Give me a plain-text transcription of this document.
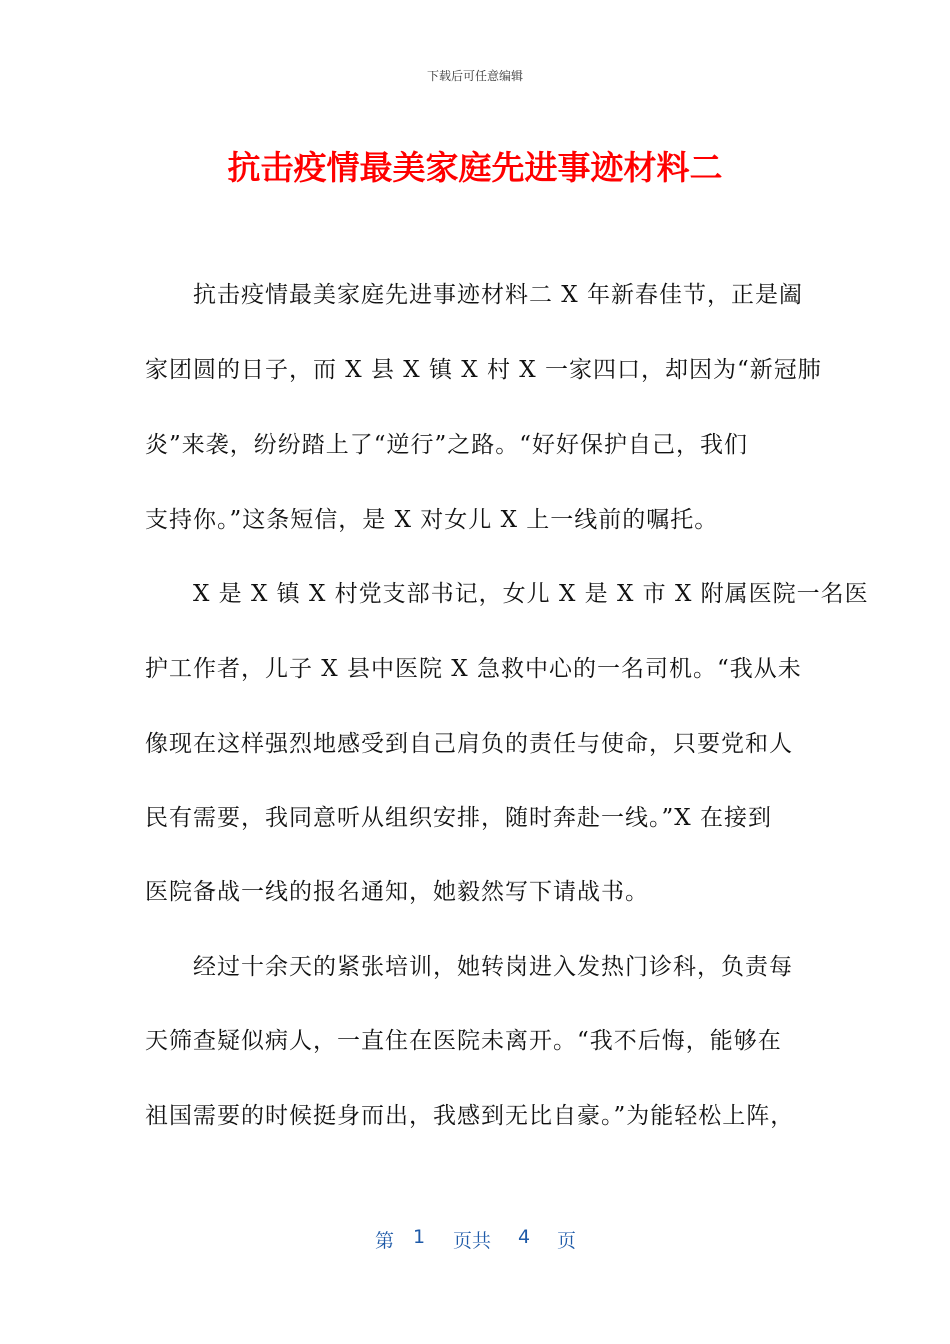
下载后可任意编辑
抗击疫情最美家庭先进事迹材料二
　　抗击疫情最美家庭先进事迹材料二 X 年新春佳节，正是阖
家团圆的日子，而 X 县 X 镇 X 村 X 一家四口，却因为“新冠肺
炎”来袭，纷纷踏上了“逆行”之路。“好好保护自己，我们
支持你。”这条短信，是 X 对女儿 X 上一线前的嘱托。
　　X 是 X 镇 X 村党支部书记，女儿 X 是 X 市 X 附属医院一名医
护工作者，儿子 X 县中医院 X 急救中心的一名司机。“我从未
像现在这样强烈地感受到自己肩负的责任与使命，只要党和人
民有需要，我同意听从组织安排，随时奔赴一线。”X 在接到
医院备战一线的报名通知，她毅然写下请战书。
　　经过十余天的紧张培训，她转岗进入发热门诊科，负责每
天筛查疑似病人，一直住在医院未离开。“我不后悔，能够在
祖国需要的时候挺身而出，我感到无比自豪。”为能轻松上阵，
第 1 页共 4 页
